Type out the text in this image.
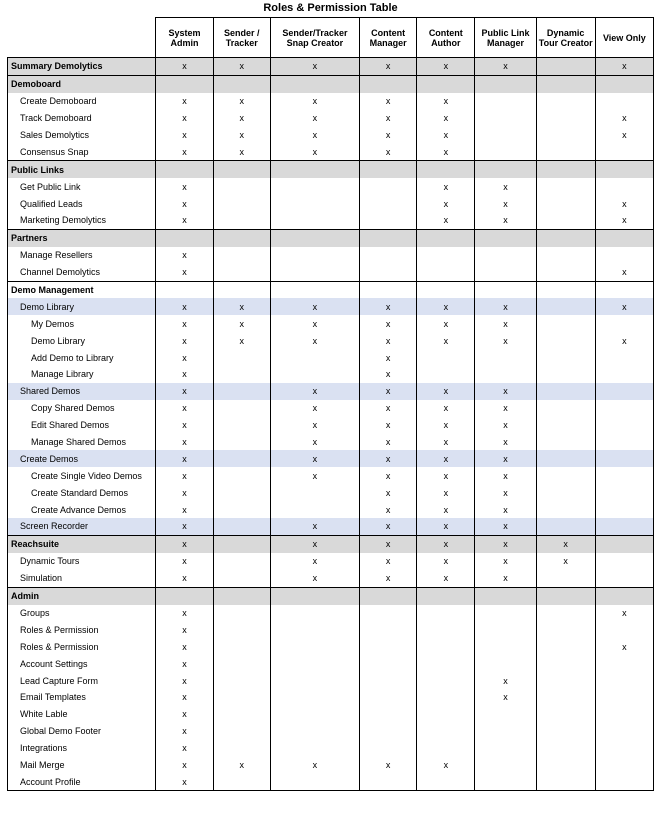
Roles & Permission Table
	System Admin	Sender / Tracker	Sender/Tracker Snap Creator	Content Manager	Content Author	Public Link Manager	Dynamic Tour Creator	View Only
Summary Demolytics	x	x	x	x	x	x		x
Demoboard								
Create Demoboard	x	x	x	x	x			
Track Demoboard	x	x	x	x	x			x
Sales Demolytics	x	x	x	x	x			x
Consensus Snap	x	x	x	x	x			
Public Links								
Get Public Link	x				x	x		
Qualified Leads	x				x	x		x
Marketing Demolytics	x				x	x		x
Partners								
Manage Resellers	x							
Channel Demolytics	x							x
Demo Management								
Demo Library	x	x	x	x	x	x		x
My Demos	x	x	x	x	x	x		
Demo Library	x	x	x	x	x	x		x
Add Demo to Library	x			x				
Manage Library	x			x				
Shared Demos	x		x	x	x	x		
Copy Shared Demos	x		x	x	x	x		
Edit Shared Demos	x		x	x	x	x		
Manage Shared Demos	x		x	x	x	x		
Create Demos	x		x	x	x	x		
Create Single Video Demos	x		x	x	x	x		
Create Standard Demos	x			x	x	x		
Create Advance Demos	x			x	x	x		
Screen Recorder	x		x	x	x	x		
Reachsuite	x		x	x	x	x	x	
Dynamic Tours	x		x	x	x	x	x	
Simulation	x		x	x	x	x		
Admin								
Groups	x							x
Roles & Permission	x							
Roles & Permission	x							x
Account Settings	x							
Lead Capture Form	x					x		
Email Templates	x					x		
White Lable	x							
Global Demo Footer	x							
Integrations	x							
Mail Merge	x	x	x	x	x			
Account Profile	x							
